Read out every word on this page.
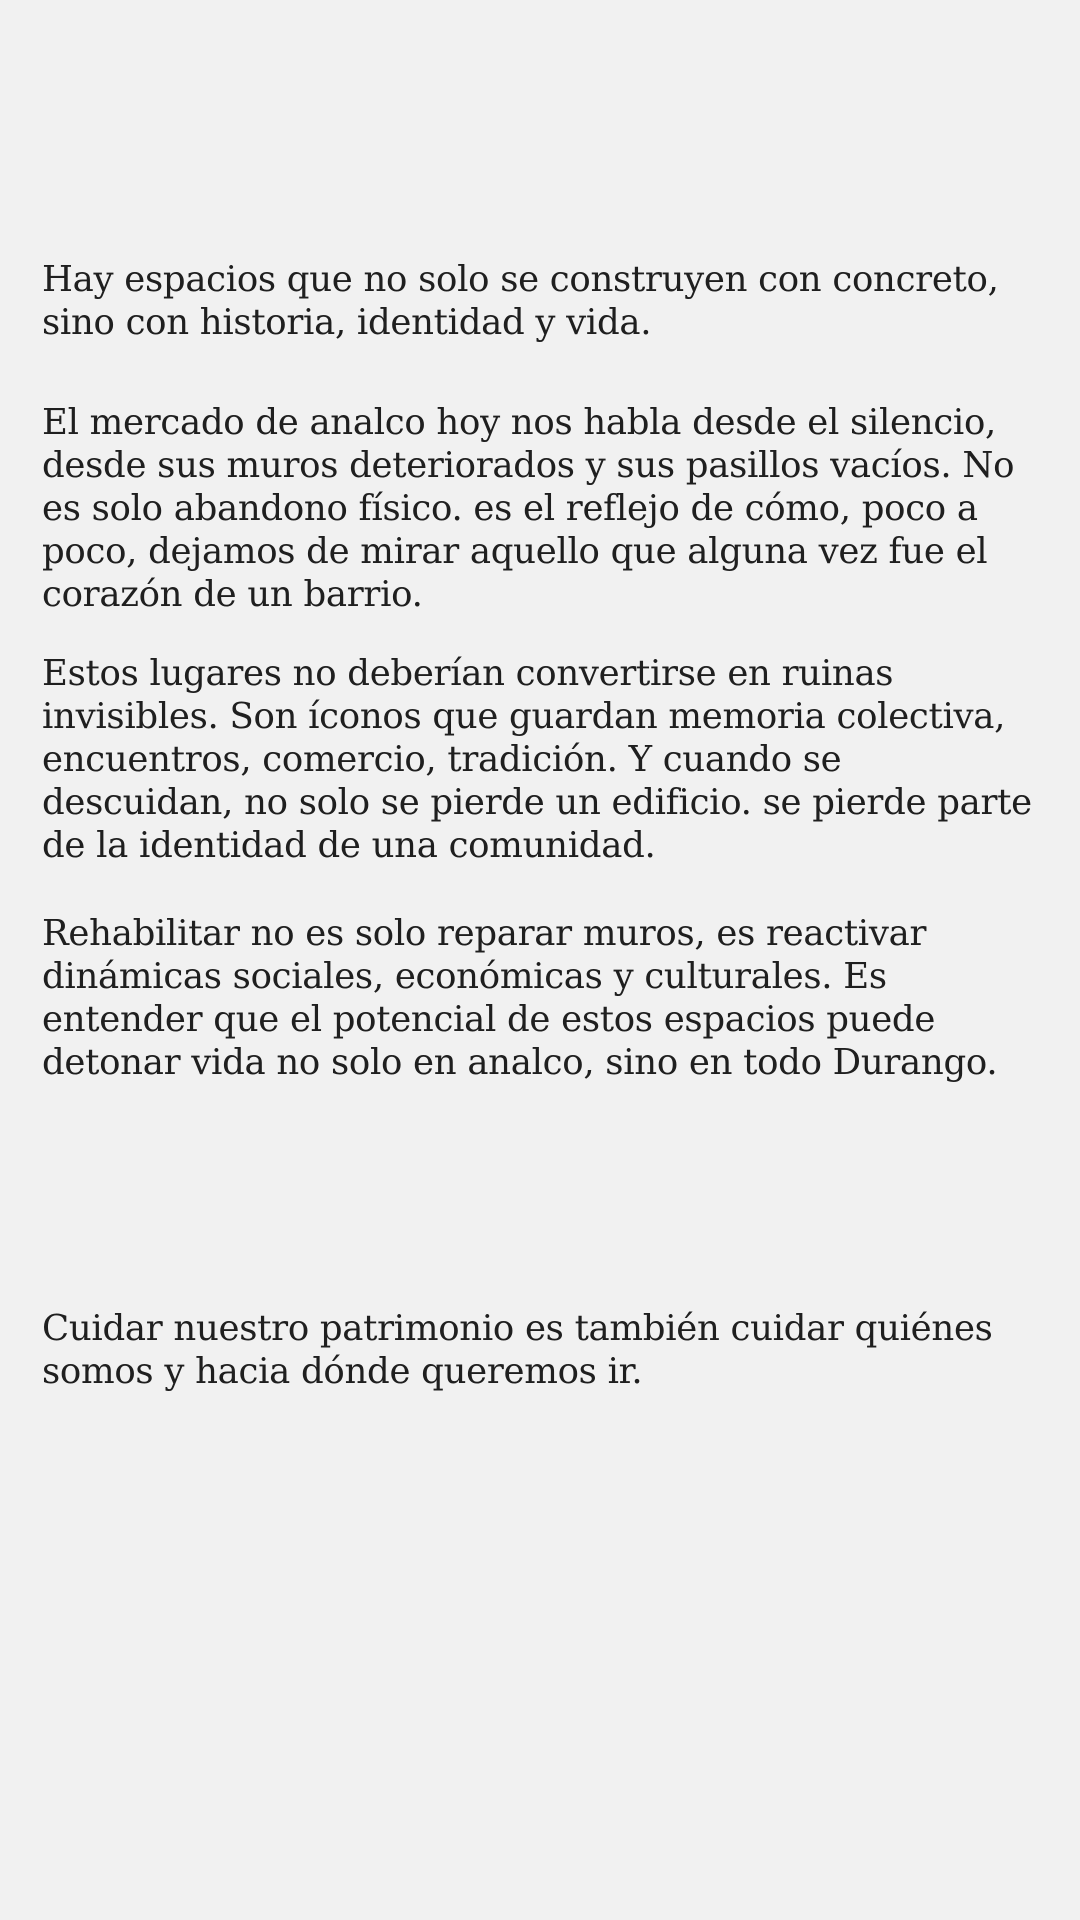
Hay espacios que no solo se construyen con concreto,
sino con historia, identidad y vida.

El mercado de analco hoy nos habla desde el silencio,
desde sus muros deteriorados y sus pasillos vacíos. No
es solo abandono físico. es el reflejo de cómo, poco a
poco, dejamos de mirar aquello que alguna vez fue el
corazón de un barrio.

Estos lugares no deberían convertirse en ruinas
invisibles. Son íconos que guardan memoria colectiva,
encuentros, comercio, tradición. Y cuando se
descuidan, no solo se pierde un edificio. se pierde parte
de la identidad de una comunidad.

Rehabilitar no es solo reparar muros, es reactivar
dinámicas sociales, económicas y culturales. Es
entender que el potencial de estos espacios puede
detonar vida no solo en analco, sino en todo Durango.

Cuidar nuestro patrimonio es también cuidar quiénes
somos y hacia dónde queremos ir.
